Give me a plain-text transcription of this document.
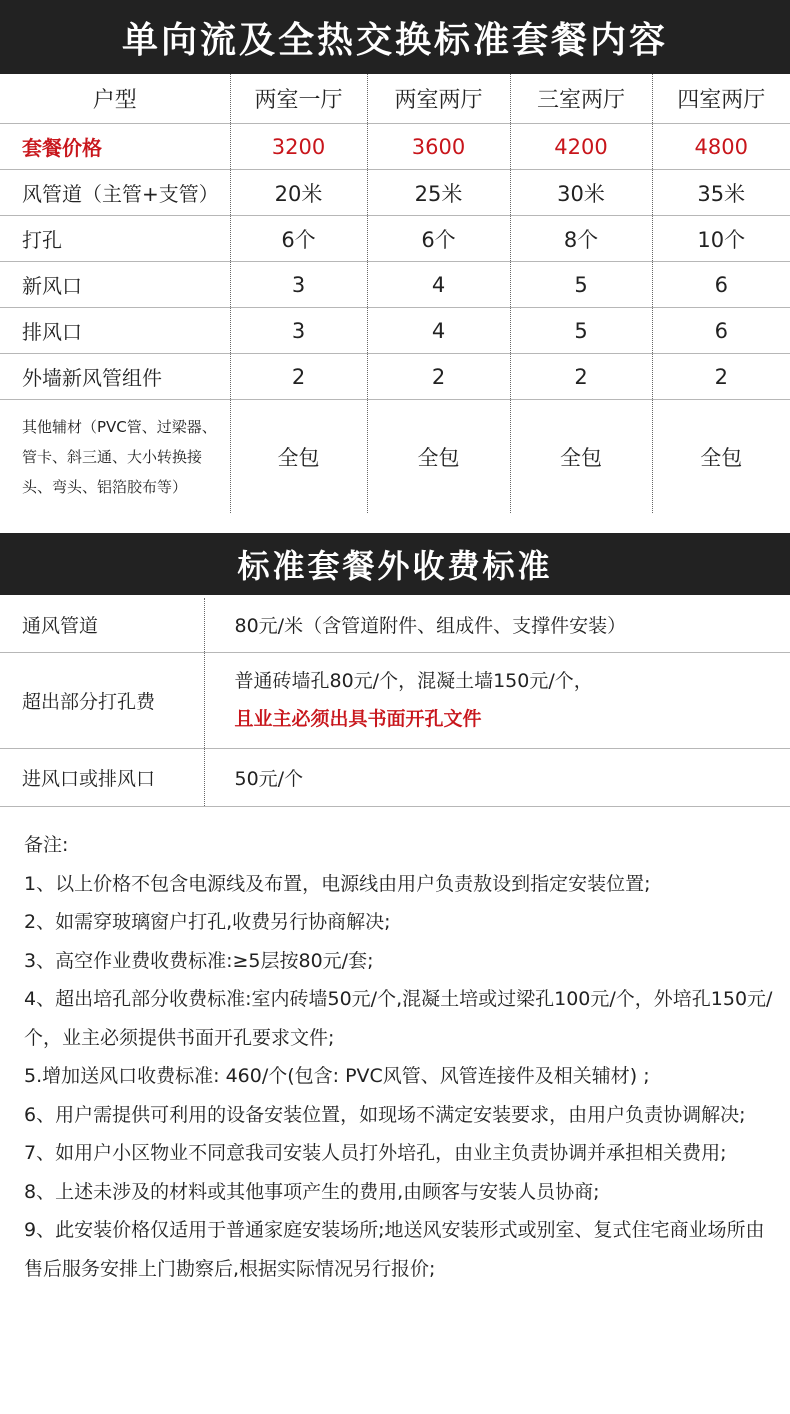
单向流及全热交换标准套餐内容
户型	两室一厅	两室两厅	三室两厅	四室两厅
套餐价格	3200	3600	4200	4800
风管道（主管+支管）	20米	25米	30米	35米
打孔	6个	6个	8个	10个
新风口	3	4	5	6
排风口	3	4	5	6
外墙新风管组件	2	2	2	2
其他辅材（PVC管、过梁器、管卡、斜三通、大小转换接头、弯头、铝箔胶布等）	全包	全包	全包	全包
标准套餐外收费标准
通风管道	80元/米（含管道附件、组成件、支撑件安装）
超出部分打孔费	普通砖墙孔80元/个，混凝土墙150元/个，
且业主必须出具书面开孔文件

进风口或排风口	50元/个

备注:

1、以上价格不包含电源线及布置，电源线由用户负责敖设到指定安装位置;

2、如需穿玻璃窗户打孔,收费另行协商解决;

3、高空作业费收费标准:≥5层按80元/套;

4、超出培孔部分收费标准:室内砖墙50元/个,混凝土培或过梁孔100元/个，外培孔150元/个，业主必须提供书面开孔要求文件;

5.增加送风口收费标准: 460/个(包含: PVC风管、风管连接件及相关辅材) ;

6、用户需提供可利用的设备安装位置，如现场不满定安装要求，由用户负责协调解决;

7、如用户小区物业不同意我司安装人员打外培孔，由业主负责协调并承担相关费用;

8、上述未涉及的材料或其他事项产生的费用,由顾客与安装人员协商;

9、此安装价格仅适用于普通家庭安装场所;地送风安装形式或别室、复式住宅商业场所由售后服务安排上门勘察后,根据实际情况另行报价;
